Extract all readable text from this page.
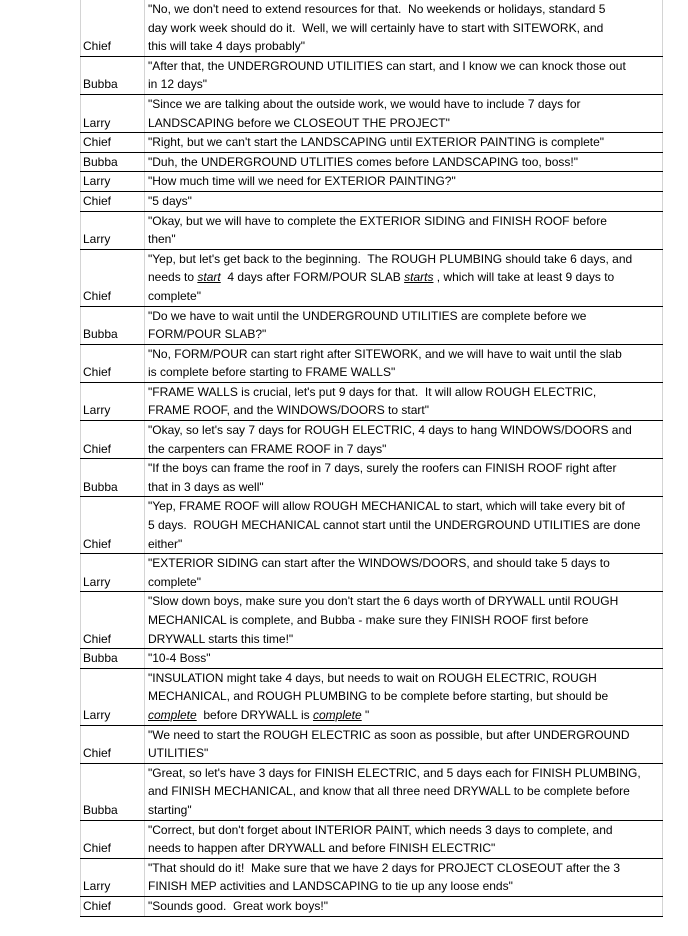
Chief	"No, we don't need to extend resources for that.  No weekends or holidays, standard 5
day work week should do it.  Well, we will certainly have to start with SITEWORK, and
this will take 4 days probably"

Bubba	"After that, the UNDERGROUND UTILITIES can start, and I know we can knock those out
in 12 days"

Larry	"Since we are talking about the outside work, we would have to include 7 days for
LANDSCAPING before we CLOSEOUT THE PROJECT"

Chief	"Right, but we can't start the LANDSCAPING until EXTERIOR PAINTING is complete"

Bubba	"Duh, the UNDERGROUND UTLITIES comes before LANDSCAPING too, boss!"

Larry	"How much time will we need for EXTERIOR PAINTING?"

Chief	"5 days"

Larry	"Okay, but we will have to complete the EXTERIOR SIDING and FINISH ROOF before
then"

Chief	"Yep, but let's get back to the beginning.  The ROUGH PLUMBING should take 6 days, and
needs to start  4 days after FORM/POUR SLAB starts , which will take at least 9 days to
complete"

Bubba	"Do we have to wait until the UNDERGROUND UTILITIES are complete before we
FORM/POUR SLAB?"

Chief	"No, FORM/POUR can start right after SITEWORK, and we will have to wait until the slab
is complete before starting to FRAME WALLS"

Larry	"FRAME WALLS is crucial, let's put 9 days for that.  It will allow ROUGH ELECTRIC,
FRAME ROOF, and the WINDOWS/DOORS to start"

Chief	"Okay, so let's say 7 days for ROUGH ELECTRIC, 4 days to hang WINDOWS/DOORS and
the carpenters can FRAME ROOF in 7 days"

Bubba	"If the boys can frame the roof in 7 days, surely the roofers can FINISH ROOF right after
that in 3 days as well"

Chief	"Yep, FRAME ROOF will allow ROUGH MECHANICAL to start, which will take every bit of
5 days.  ROUGH MECHANICAL cannot start until the UNDERGROUND UTILITIES are done
either"

Larry	"EXTERIOR SIDING can start after the WINDOWS/DOORS, and should take 5 days to
complete"

Chief	"Slow down boys, make sure you don't start the 6 days worth of DRYWALL until ROUGH
MECHANICAL is complete, and Bubba - make sure they FINISH ROOF first before
DRYWALL starts this time!"

Bubba	"10-4 Boss"

Larry	"INSULATION might take 4 days, but needs to wait on ROUGH ELECTRIC, ROUGH
MECHANICAL, and ROUGH PLUMBING to be complete before starting, but should be
complete  before DRYWALL is complete "

Chief	"We need to start the ROUGH ELECTRIC as soon as possible, but after UNDERGROUND
UTILITIES"

Bubba	"Great, so let's have 3 days for FINISH ELECTRIC, and 5 days each for FINISH PLUMBING,
and FINISH MECHANICAL, and know that all three need DRYWALL to be complete before
starting"

Chief	"Correct, but don't forget about INTERIOR PAINT, which needs 3 days to complete, and
needs to happen after DRYWALL and before FINISH ELECTRIC"

Larry	"That should do it!  Make sure that we have 2 days for PROJECT CLOSEOUT after the 3
FINISH MEP activities and LANDSCAPING to tie up any loose ends"

Chief	"Sounds good.  Great work boys!"
